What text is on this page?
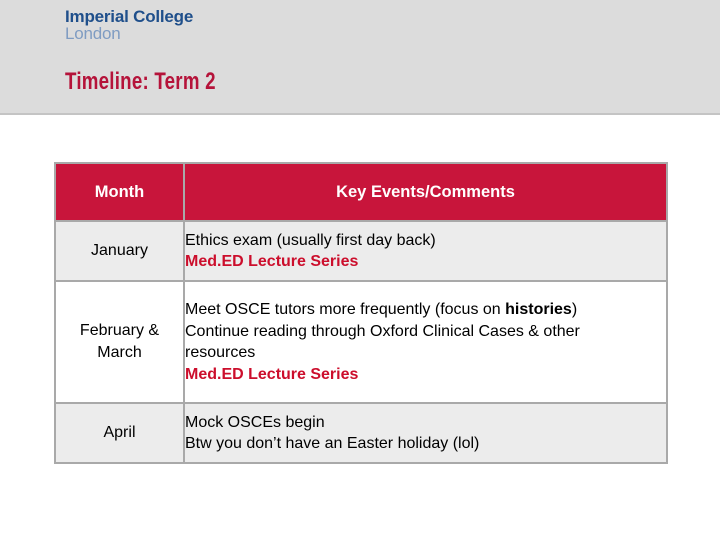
Imperial College
London
Timeline: Term 2
Month	Key Events/Comments
January	Ethics exam (usually first day back)
Med.ED Lecture Series

February &
March	Meet OSCE tutors more frequently (focus on histories)
Continue reading through Oxford Clinical Cases & other
resources
Med.ED Lecture Series

April	Mock OSCEs begin
Btw you don’t have an Easter holiday (lol)
